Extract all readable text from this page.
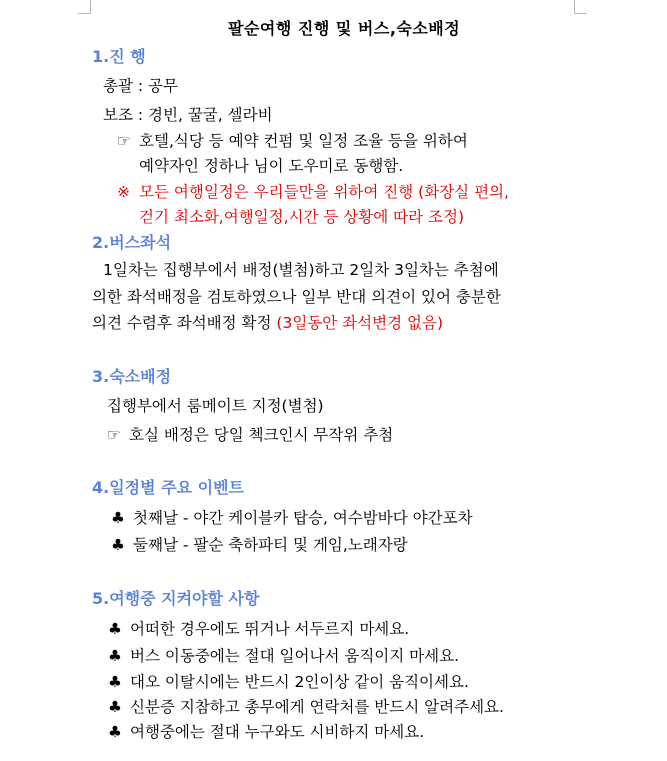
팔순여행 진행 및 버스,숙소배정
1.진 행
총괄 : 공무
보조 : 경빈, 꿀굴, 셀라비
☞ 호텔,식당 등 예약 컨펌 및 일정 조율 등을 위하여
예약자인 정하나 님이 도우미로 동행함.
※ 모든 여행일정은 우리들만을 위하여 진행 (화장실 편의,
걷기 최소화,여행일정,시간 등 상황에 따라 조정)
2.버스좌석
1일차는 집행부에서 배정(별첨)하고 2일차 3일차는 추첨에
의한 좌석배정을 검토하였으나 일부 반대 의견이 있어 충분한
의견 수렴후 좌석배정 확정 (3일동안 좌석변경 없음)
3.숙소배정
집행부에서 룸메이트 지정(별첨)
☞ 호실 배정은 당일 첵크인시 무작위 추첨
4.일정별 주요 이벤트
♣ 첫째날 - 야간 케이블카 탑승, 여수밤바다 야간포차
♣ 둘째날 - 팔순 축하파티 및 게임,노래자랑
5.여행중 지켜야할 사항
♣ 어떠한 경우에도 뛰거나 서두르지 마세요.
♣ 버스 이동중에는 절대 일어나서 움직이지 마세요.
♣ 대오 이탈시에는 반드시 2인이상 같이 움직이세요.
♣ 신분증 지참하고 총무에게 연락처를 반드시 알려주세요.
♣ 여행중에는 절대 누구와도 시비하지 마세요.
